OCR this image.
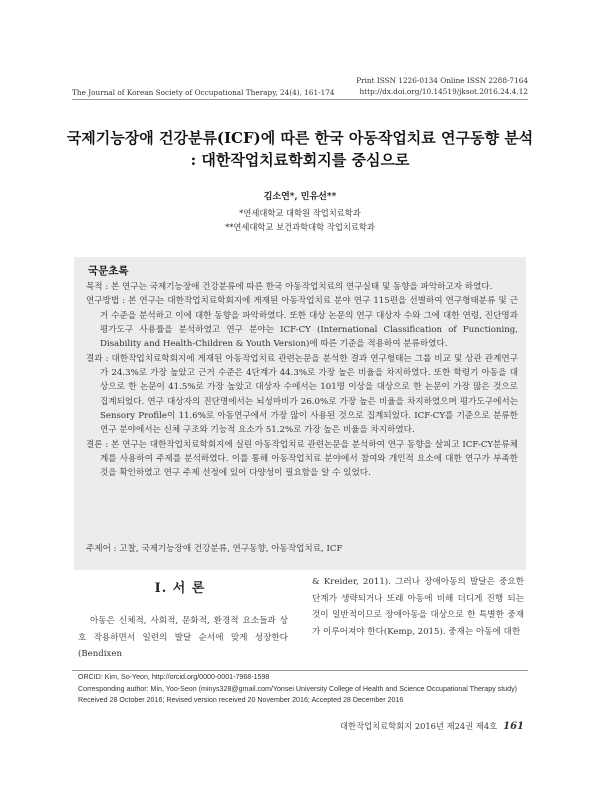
The Journal of Korean Society of Occupational Therapy, 24(4), 161-174
Print ISSN 1226-0134 Online ISSN 2288-7164
http://dx.doi.org/10.14519/jksot.2016.24.4.12
국제기능장애 건강분류(ICF)에 따른 한국 아동작업치료 연구동향 분석
: 대한작업치료학회지를 중심으로
김소연*, 민유선**
*연세대학교 대학원 작업치료학과
**연세대학교 보건과학대학 작업치료학과
국문초록

목적 : 본 연구는 국제기능장애 건강분류에 따른 한국 아동작업치료의 연구실태 및 동향을 파악하고자 하였다.

연구방법 : 본 연구는 대한작업치료학회지에 게재된 아동작업치료 분야 연구 115편을 선별하여 연구형태분류 및 근거 수준을 분석하고 이에 대한 동향을 파악하였다. 또한 대상 논문의 연구 대상자 수와 그에 대한 연령, 진단명과 평가도구 사용률을 분석하였고 연구 분야는 ICF-CY (International Classification of Functioning, Disability and Health-Children & Youth Version)에 따른 기준을 적용하여 분류하였다.

결과 : 대한작업치료학회지에 게재된 아동작업치료 관련논문을 분석한 결과 연구형태는 그룹 비교 및 상관 관계연구가 24.3%로 가장 높았고 근거 수준은 4단계가 44.3%로 가장 높은 비율을 차지하였다. 또한 학령기 아동을 대상으로 한 논문이 41.5%로 가장 높았고 대상자 수에서는 101명 이상을 대상으로 한 논문이 가장 많은 것으로 집계되었다. 연구 대상자의 진단명에서는 뇌성마비가 26.0%로 가장 높은 비율을 차지하였으며 평가도구에서는 Sensory Profile이 11.6%로 아동연구에서 가장 많이 사용된 것으로 집계되었다. ICF-CY를 기준으로 분류한 연구 분야에서는 신체 구조와 기능적 요소가 51.2%로 가장 높은 비율을 차지하였다.

결론 : 본 연구는 대한작업치료학회지에 실린 아동작업치료 관련논문을 분석하여 연구 동향을 살피고 ICF-CY분류체계를 사용하여 주제를 분석하였다. 이를 통해 아동작업치료 분야에서 참여와 개인적 요소에 대한 연구가 부족한 것을 확인하였고 연구 주제 선정에 있어 다양성이 필요함을 알 수 있었다.

주제어 : 고찰, 국제기능장애 건강분류, 연구동향, 아동작업치료, ICF
I. 서 론
아동은 신체적, 사회적, 문화적, 환경적 요소들과 상호 작용하면서 일련의 발달 순서에 맞게 성장한다(Bendixen
& Kreider, 2011). 그러나 장애아동의 발달은 중요한 단계가 생략되거나 또래 아동에 비해 더디게 진행 되는 것이 일반적이므로 장애아동을 대상으로 한 특별한 중재가 이루어져야 한다(Kemp, 2015). 중재는 아동에 대한
ORCID: Kim, So-Yeon, http://orcid.org/0000-0001-7968-1598
Corresponding author: Min, Yoo-Seon (minys328@gmail.com/Yonsei University College of Health and Science Occupational Therapy study)
Received 28 October 2016; Revised version received 20 November 2016; Accepted 28 December 2016
대한작업치료학회지 2016년 제24권 제4호 161
